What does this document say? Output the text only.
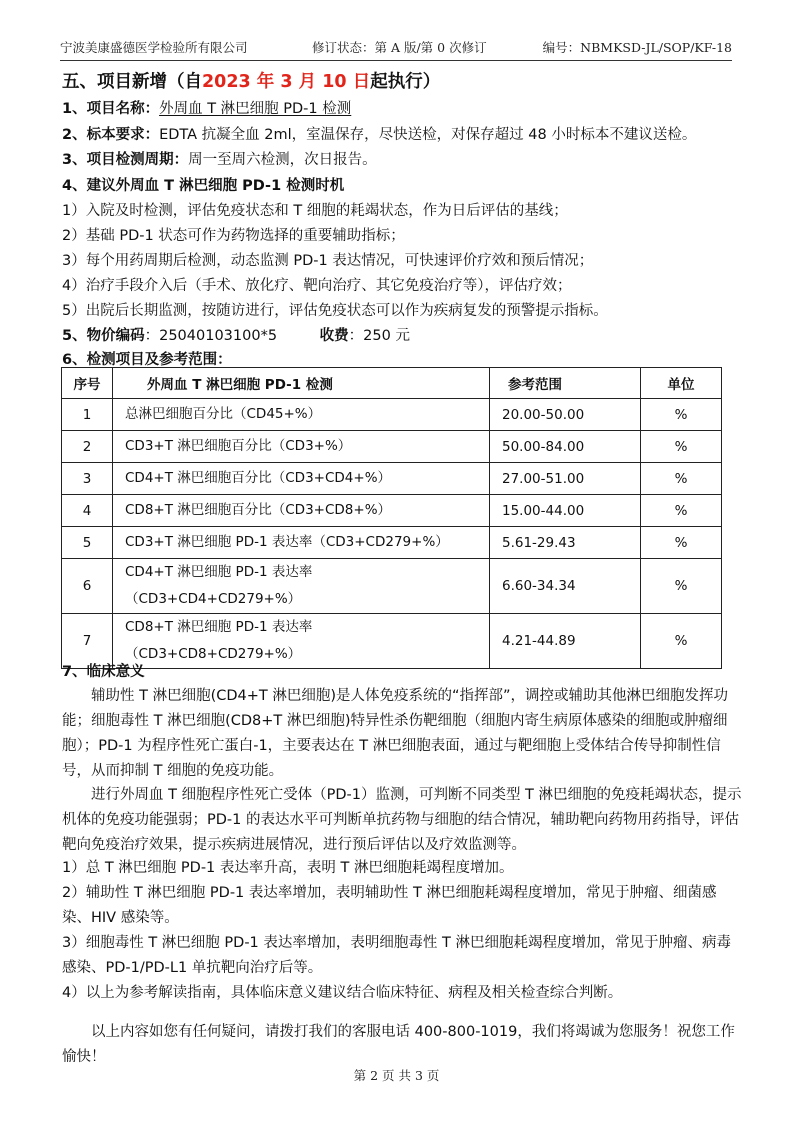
宁波美康盛德医学检验所有限公司	修订状态：第 A 版/第 0 次修订	编号：NBMKSD-JL/SOP/KF-18
五、项目新增（自2023 年 3 月 10 日起执行）
1、项目名称：外周血 T 淋巴细胞 PD-1 检测
2、标本要求：EDTA 抗凝全血 2ml，室温保存，尽快送检，对保存超过 48 小时标本不建议送检。
3、项目检测周期：周一至周六检测，次日报告。
4、建议外周血 T 淋巴细胞 PD-1 检测时机
1）入院及时检测，评估免疫状态和 T 细胞的耗竭状态，作为日后评估的基线；
2）基础 PD-1 状态可作为药物选择的重要辅助指标；
3）每个用药周期后检测，动态监测 PD-1 表达情况，可快速评价疗效和预后情况；
4）治疗手段介入后（手术、放化疗、靶向治疗、其它免疫治疗等），评估疗效；
5）出院后长期监测，按随访进行，评估免疫状态可以作为疾病复发的预警提示指标。
5、物价编码：25040103100*5	收费：250 元
6、检测项目及参考范围：
序号	外周血 T 淋巴细胞 PD-1 检测	参考范围	单位
1	总淋巴细胞百分比（CD45+%）	20.00-50.00	%
2	CD3+T 淋巴细胞百分比（CD3+%）	50.00-84.00	%
3	CD4+T 淋巴细胞百分比（CD3+CD4+%）	27.00-51.00	%
4	CD8+T 淋巴细胞百分比（CD3+CD8+%）	15.00-44.00	%
5	CD3+T 淋巴细胞 PD-1 表达率（CD3+CD279+%）	5.61-29.43	%
6	CD4+T 淋巴细胞 PD-1 表达率
（CD3+CD4+CD279+%）	6.60-34.34	%
7	CD8+T 淋巴细胞 PD-1 表达率
（CD3+CD8+CD279+%）	4.21-44.89	%
7、临床意义
辅助性 T 淋巴细胞(CD4+T 淋巴细胞)是人体免疫系统的“指挥部”，调控或辅助其他淋巴细胞发挥功能；细胞毒性 T 淋巴细胞(CD8+T 淋巴细胞)特异性杀伤靶细胞（细胞内寄生病原体感染的细胞或肿瘤细胞）；PD-1 为程序性死亡蛋白-1，主要表达在 T 淋巴细胞表面，通过与靶细胞上受体结合传导抑制性信号，从而抑制 T 细胞的免疫功能。
进行外周血 T 细胞程序性死亡受体（PD-1）监测，可判断不同类型 T 淋巴细胞的免疫耗竭状态，提示机体的免疫功能强弱；PD-1 的表达水平可判断单抗药物与细胞的结合情况，辅助靶向药物用药指导，评估靶向免疫治疗效果，提示疾病进展情况，进行预后评估以及疗效监测等。
1）总 T 淋巴细胞 PD-1 表达率升高，表明 T 淋巴细胞耗竭程度增加。
2）辅助性 T 淋巴细胞 PD-1 表达率增加，表明辅助性 T 淋巴细胞耗竭程度增加，常见于肿瘤、细菌感染、HIV 感染等。
3）细胞毒性 T 淋巴细胞 PD-1 表达率增加，表明细胞毒性 T 淋巴细胞耗竭程度增加，常见于肿瘤、病毒感染、PD-1/PD-L1 单抗靶向治疗后等。
4）以上为参考解读指南，具体临床意义建议结合临床特征、病程及相关检查综合判断。
以上内容如您有任何疑问，请拨打我们的客服电话 400-800-1019，我们将竭诚为您服务！祝您工作愉快！
第 2 页 共 3 页
